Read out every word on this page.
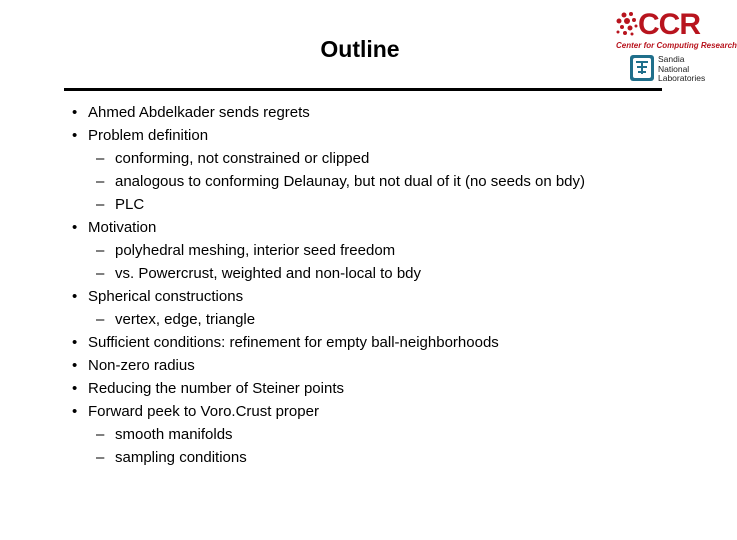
Outline
CCR
Center for Computing Research
Sandia
National
Laboratories
• Ahmed Abdelkader sends regrets
• Problem definition
– conforming, not constrained or clipped
– analogous to conforming Delaunay, but not dual of it (no seeds on bdy)
– PLC
• Motivation
– polyhedral meshing, interior seed freedom
– vs. Powercrust, weighted and non-local to bdy
• Spherical constructions
– vertex, edge, triangle
• Sufficient conditions: refinement for empty ball-neighborhoods
• Non-zero radius
• Reducing the number of Steiner points
• Forward peek to Voro.Crust proper
– smooth manifolds
– sampling conditions
